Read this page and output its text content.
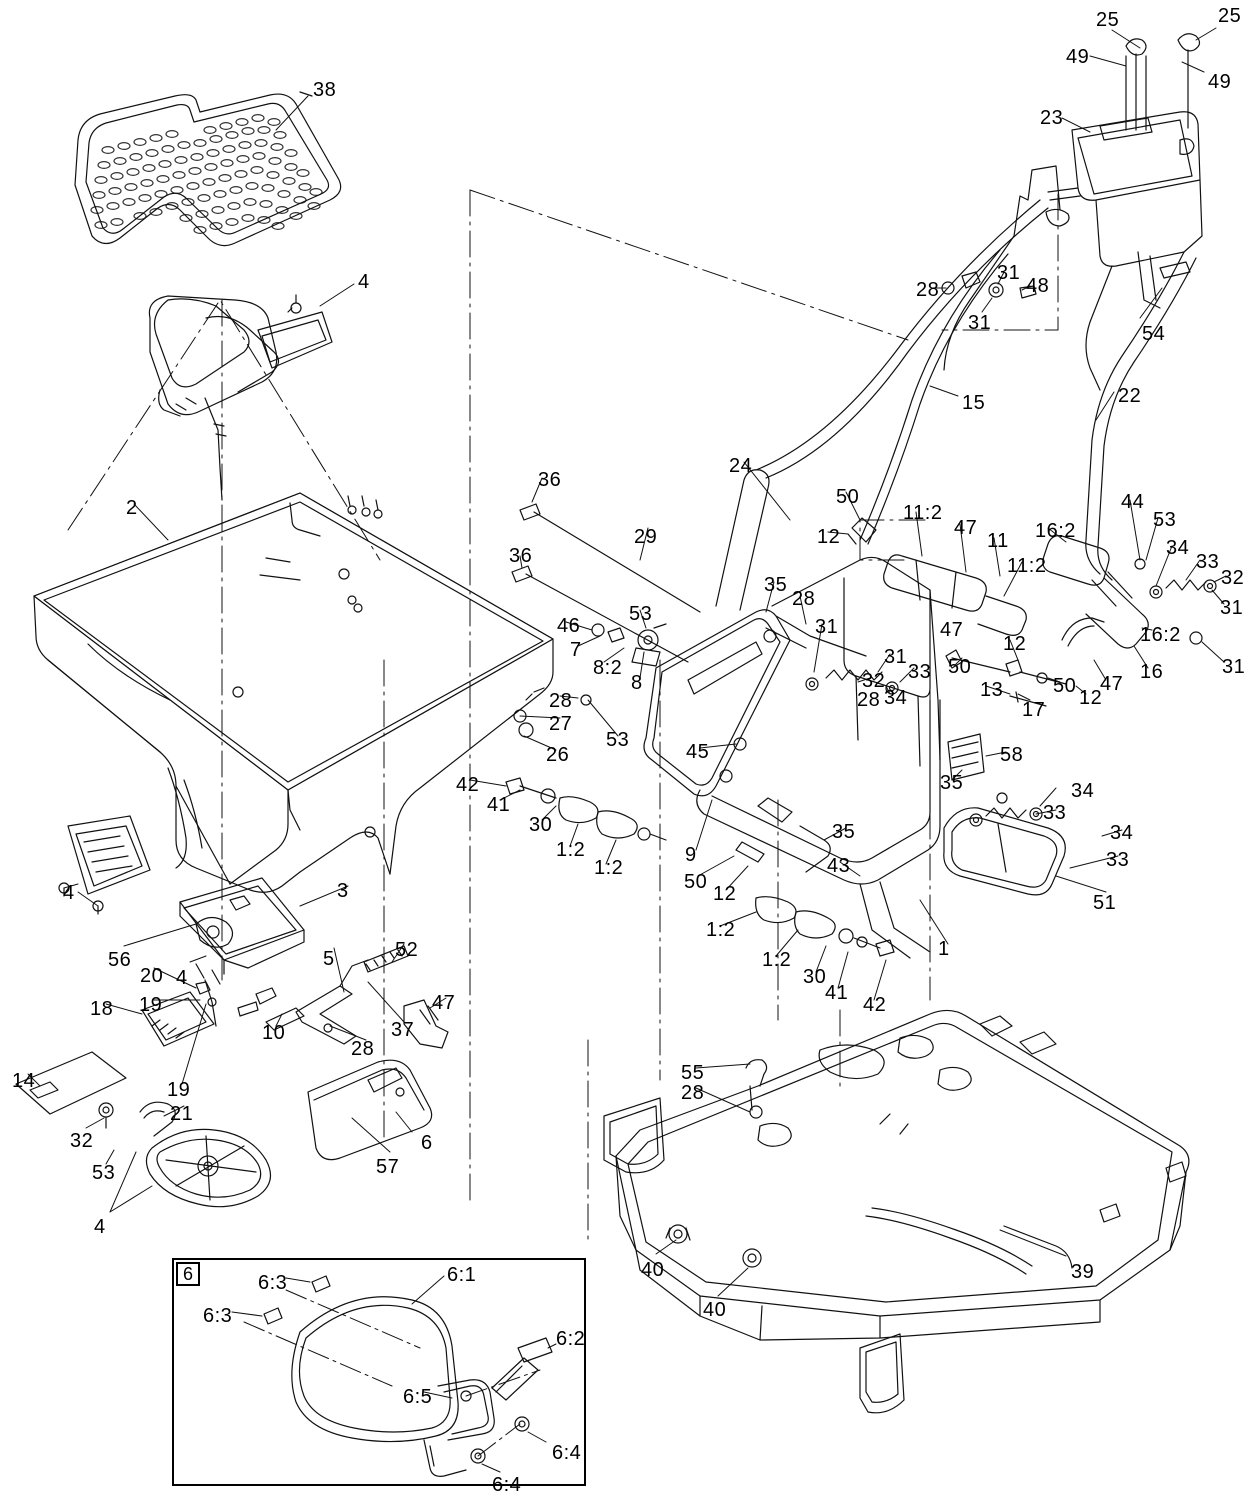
6
38
25	25
49
49
23
28
31
48
31	54
4
15	22
2
36
24
50	44
53
29	12
11:2
47
11 16:2
34
33
36	11:2
32
35
28	31
46
53
31	47	16:2
7	12
31
8:2
8	32 33 50	16	31
28	34	12
50 47
28	13
17
27
26
53
45	58
42
41
35	34
30
33
1:2
35	34
1:2	33
9	43
50
51
12
1
1:2
3
4
56	1:2
5	52
20 4	30
19
41
42
18	47
37
28
10
14	19
55
28
21
32	6
57
53
4
40	39
40
6:3
6:3
6:1
6:2
6:5
6:4
6:4
